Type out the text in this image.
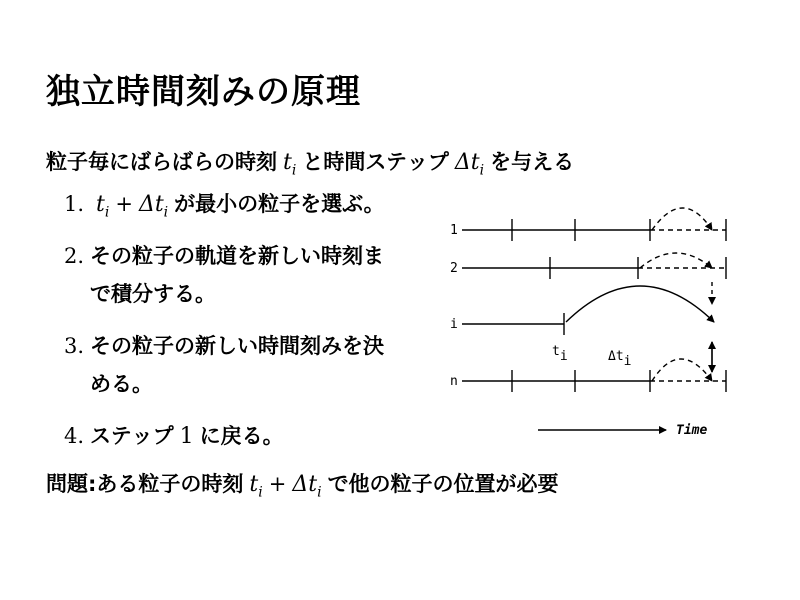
独立時間刻みの原理
粒子毎にばらばらの時刻 $t_i$ と時間ステップ $\Delta t_i$ を与える
1. $t_i + \Delta t_i$ が最小の粒子を選ぶ。
2. その粒子の軌道を新しい時刻ま
で積分する。
3. その粒子の新しい時間刻みを決
める。
4. ステップ 1 に戻る。
問題:ある粒子の時刻 $t_i + \Delta t_i$ で他の粒子の位置が必要
1
2
i
n
ti	Δti
Time
